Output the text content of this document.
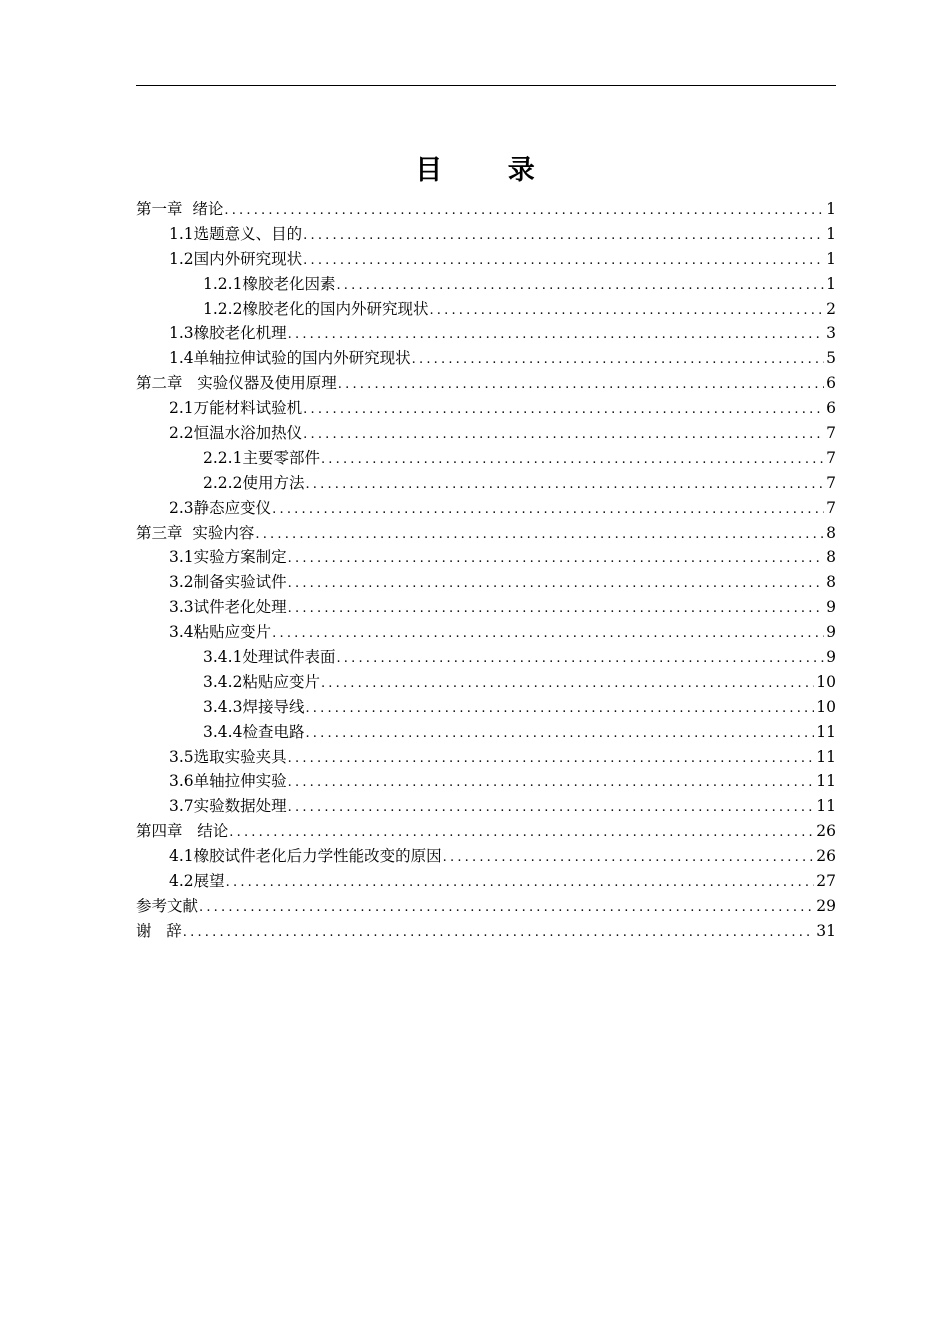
目 录
第一章  绪论 .....	1
1.1选题意义、目的 .....	1
1.2国内外研究现状 .....	1
1.2.1橡胶老化因素 .....	1
1.2.2橡胶老化的国内外研究现状 .....	2
1.3橡胶老化机理 .....	3
1.4单轴拉伸试验的国内外研究现状 .....	5
第二章   实验仪器及使用原理 .....	6
2.1万能材料试验机 .....	6
2.2恒温水浴加热仪 .....	7
2.2.1主要零部件 .....	7
2.2.2使用方法 .....	7
2.3静态应变仪 .....	7
第三章  实验内容 .....	8
3.1实验方案制定 .....	8
3.2制备实验试件 .....	8
3.3试件老化处理 .....	9
3.4粘贴应变片 .....	9
3.4.1处理试件表面 .....	9
3.4.2粘贴应变片 .....	10
3.4.3焊接导线 .....	10
3.4.4检查电路 .....	11
3.5选取实验夹具 .....	11
3.6单轴拉伸实验 .....	11
3.7实验数据处理 .....	11
第四章   结论 .....	26
4.1橡胶试件老化后力学性能改变的原因 .....	26
4.2展望 .....	27
参考文献 .....	29
谢   辞 .....	31
